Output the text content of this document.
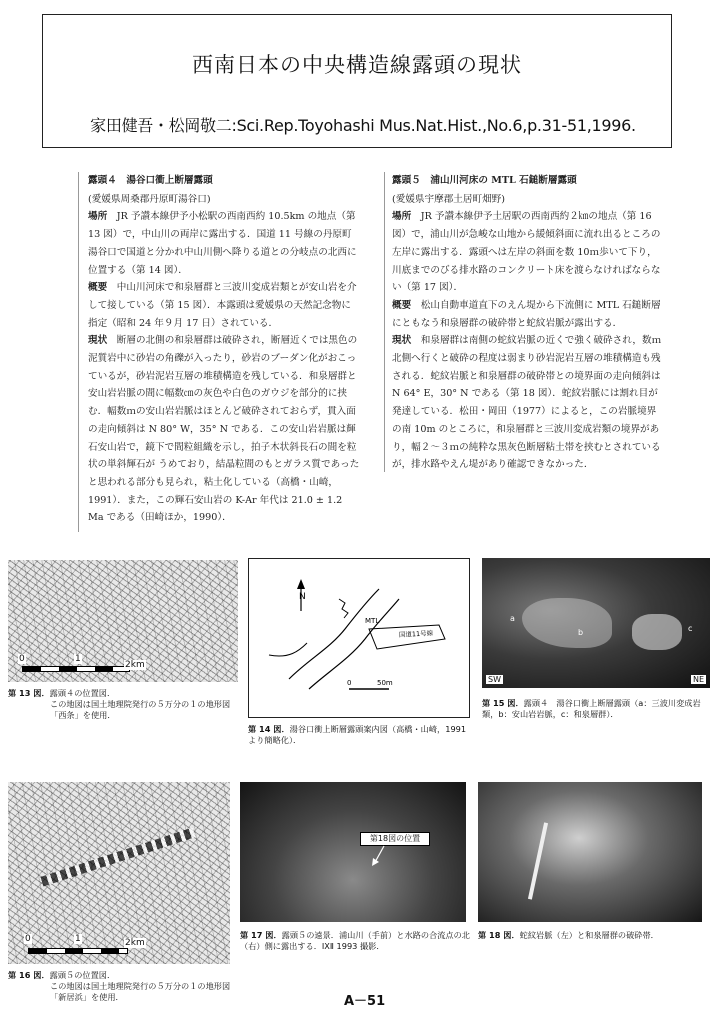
西南日本の中央構造線露頭の現状
家田健吾・松岡敬二:Sci.Rep.Toyohashi Mus.Nat.Hist.,No.6,p.31-51,1996.

露頭４　湯谷口衝上断層露頭

(愛媛県周桑郡丹原町湯谷口)

場所　 JR 予讃本線伊予小松駅の西南西約 10.5km の地点（第 13 図）で，中山川の両岸に露出する．国道 11 号線の丹原町湯谷口で国道と分かれ中山川側へ降りる道との分岐点の北西に位置する（第 14 図）．

概要　 中山川河床で和泉層群と三波川変成岩類とが安山岩を介して接している（第 15 図）．本露頭は愛媛県の天然記念物に指定（昭和 24 年９月 17 日）されている．

現状　 断層の北側の和泉層群は破砕され，断層近くでは黒色の泥質岩中に砂岩の角礫が入ったり，砂岩のブーダン化がおこっているが，砂岩泥岩互層の堆積構造を残している．和泉層群と安山岩岩脈の間に幅数㎝の灰色や白色のガウジを部分的に挟む．幅数ｍの安山岩岩脈はほとんど破砕されておらず，貫入面の走向傾斜は N 80° W，35° N である．この安山岩岩脈は輝石安山岩で，鏡下で間粒組織を示し，拍子木状斜長石の間を粒状の単斜輝石が うめており，結晶粒間のもとガラス質であったと思われる部分も見られ，粘土化している（高橋・山崎，1991）．また，この輝石安山岩の K-Ar 年代は 21.0 ± 1.2 Ma である（田崎ほか，1990）．

露頭５　浦山川河床の MTL 石鎚断層露頭

(愛媛県宇摩郡土居町畑野)

場所　 JR 予讃本線伊予土居駅の西南西約２㎞の地点（第 16 図）で，浦山川が急峻な山地から緩傾斜面に流れ出るところの左岸に露出する．露頭へは左岸の斜面を数 10ｍ歩いて下り，川底までのびる排水路のコンクリート床を渡らなければならない（第 17 図）．

概要　 松山自動車道直下のえん堤から下流側に MTL 石鎚断層にともなう和泉層群の破砕帯と蛇紋岩脈が露出する．

現状　 和泉層群は南側の蛇紋岩脈の近くで強く破砕され，数ｍ北側へ行くと破砕の程度は弱まり砂岩泥岩互層の堆積構造も残される．蛇紋岩脈と和泉層群の破砕帯との境界面の走向傾斜は N 64° E，30° N である（第 18 図）．蛇紋岩脈には割れ目が発達している．松田・岡田（1977）によると，この岩脈境界の南 10m のところに，和泉層群と三波川変成岩類の境界があり，幅２～３ｍの純粋な黒灰色断層粘土帯を挟むとされているが，排水路やえん堤があり確認できなかった．

0	1
2km
第 13 図．露頭４の位置図．
この地図は国土地理院発行の５万分の１の地形図「西条」を使用．
N
MTL
国道11号線
0	50m
第 14 図．湯谷口衝上断層露頭案内図（高橋・山崎，1991 より簡略化）．
a
b	c
SW	NE
第 15 図．露頭４　湯谷口衝上断層露頭（a：三波川変成岩類，b：安山岩岩脈，c：和泉層群）．
0	1	2km
第 16 図．露頭５の位置図．
この地図は国土地理院発行の５万分の１の地形図「新居浜」を使用．
第18図の位置
第 17 図．露頭５の遠景．浦山川（手前）と水路の合流点の北（右）側に露出する．ⅠⅩⅡ 1993 撮影．
第 18 図．蛇紋岩脈（左）と和泉層群の破砕帯．
A－51
